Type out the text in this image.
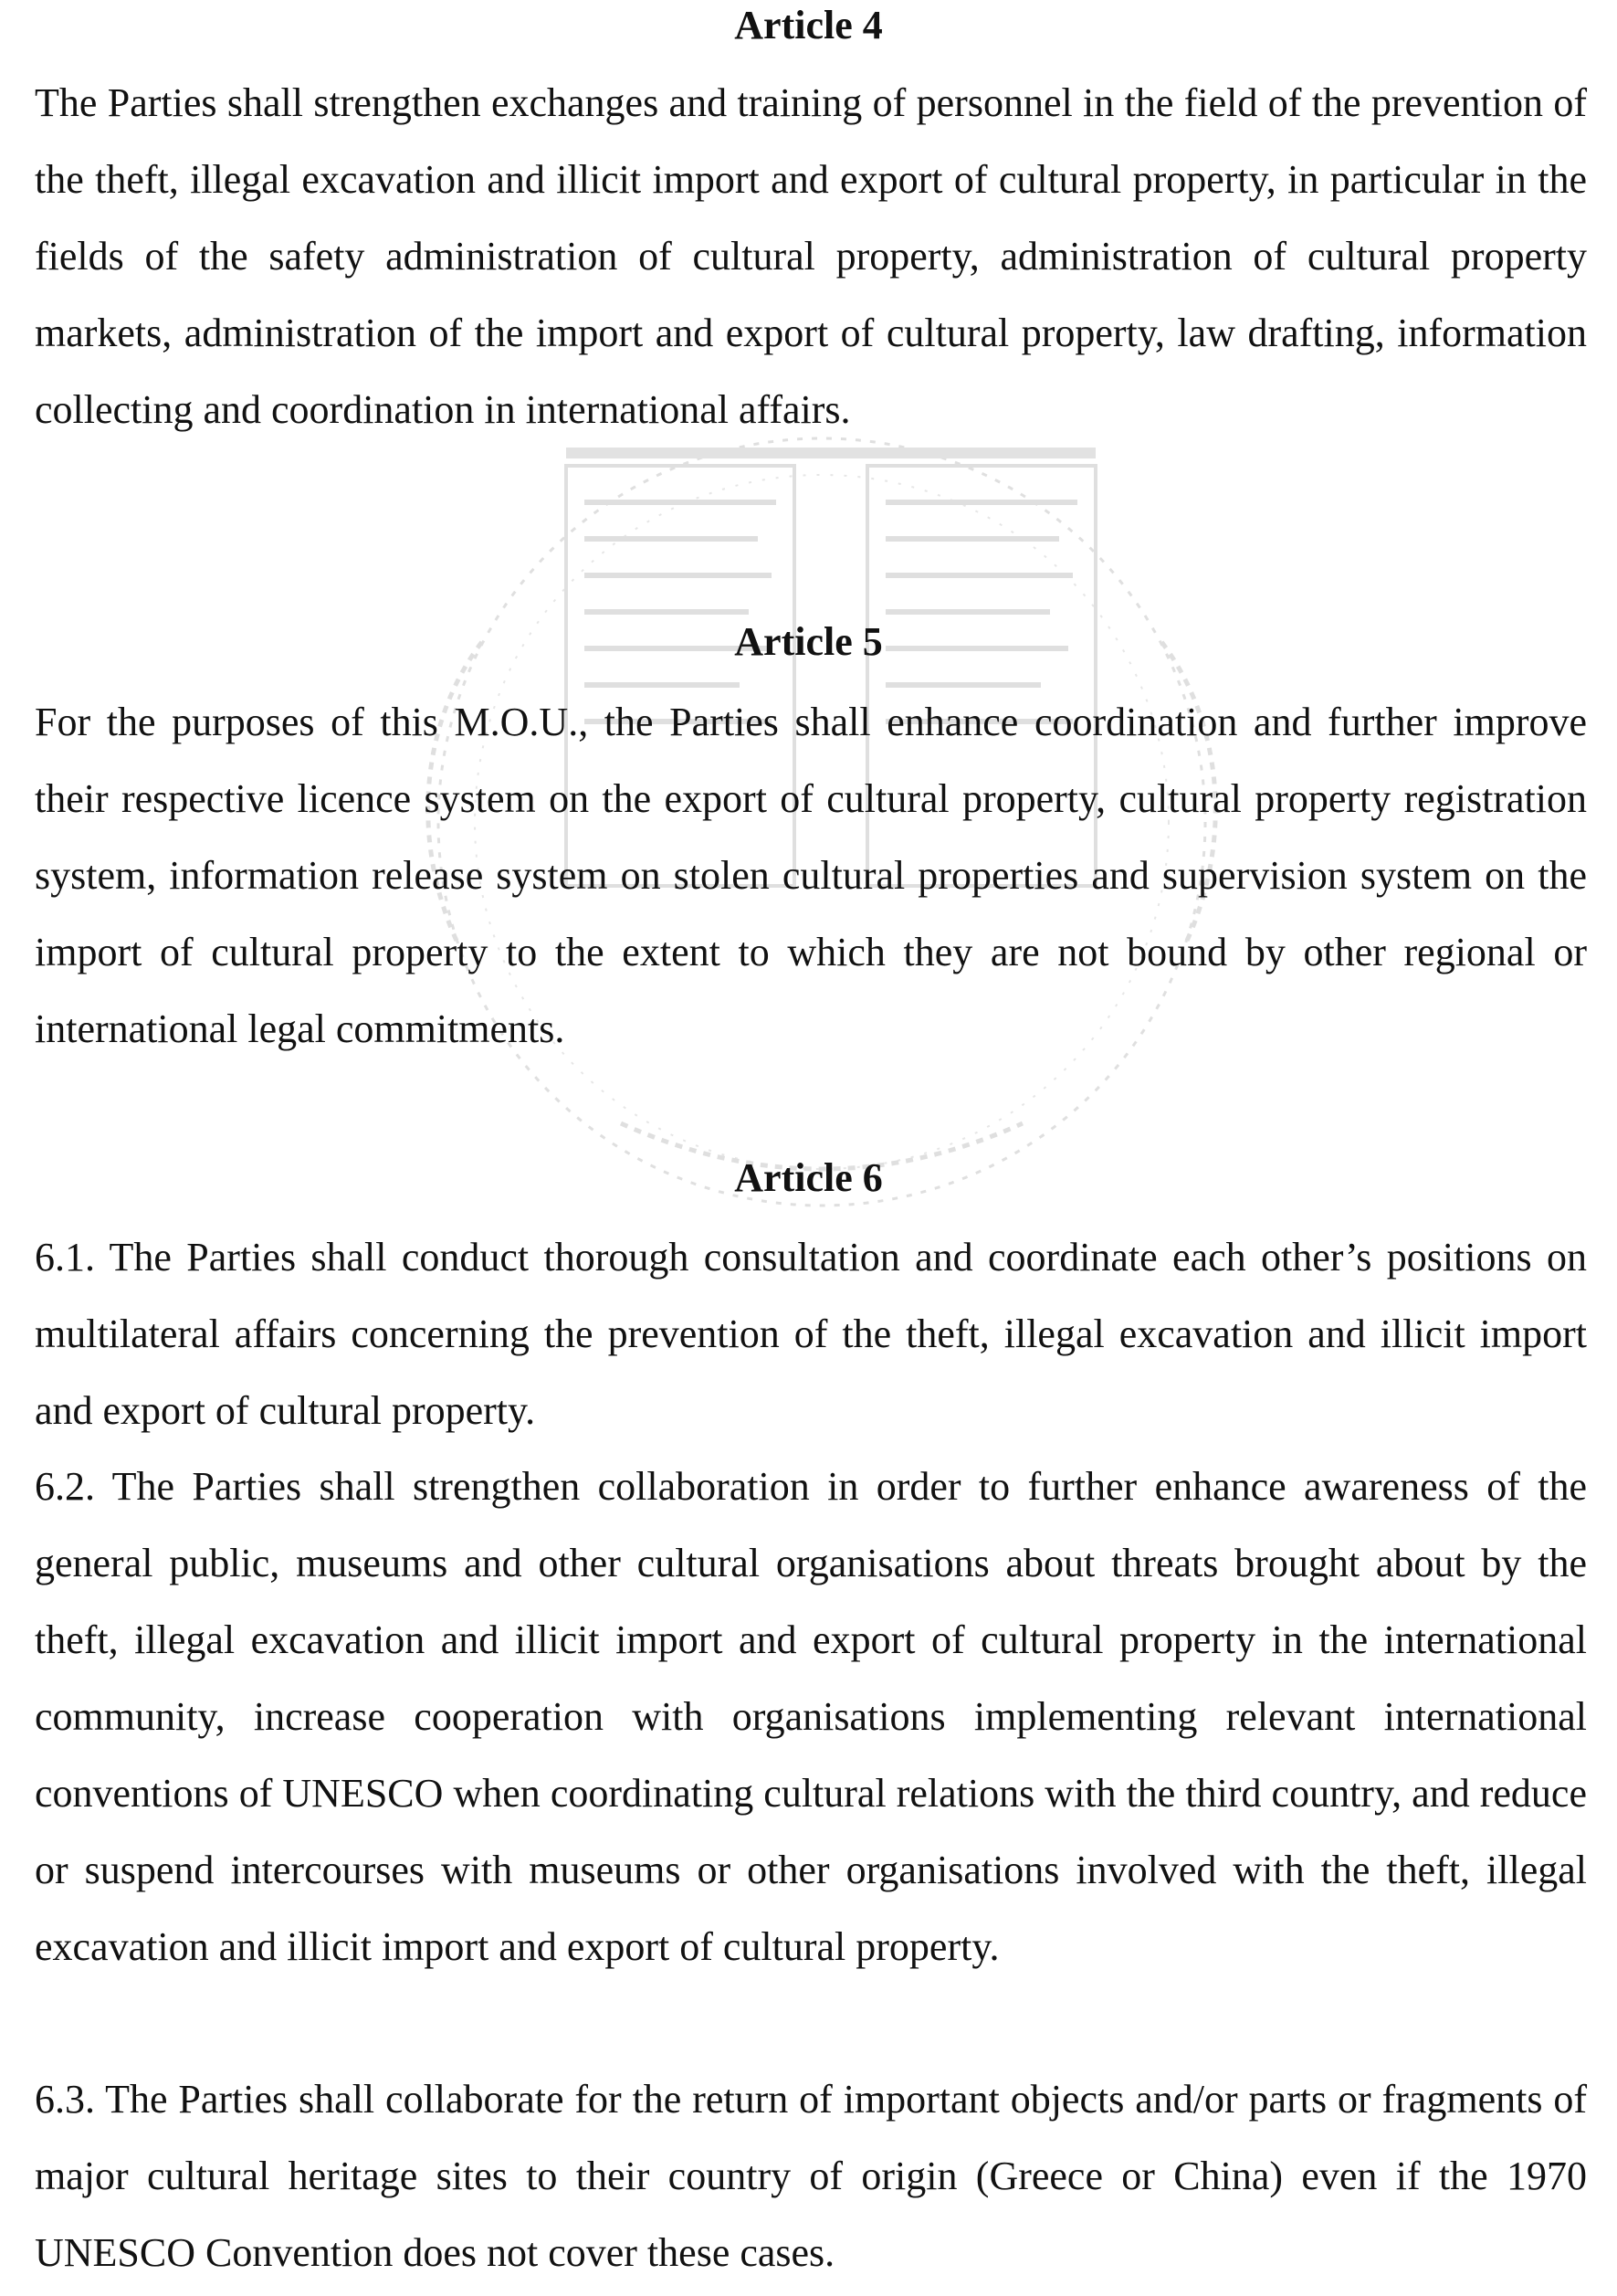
Article 4

The Parties shall strengthen exchanges and training of personnel in the field of the prevention of the theft, illegal excavation and illicit import and export of cultural property, in particular in the fields of the safety administration of cultural property, administration of cultural property markets, administration of the import and export of cultural property, law drafting, information collecting and coordination in international affairs.

Article 5

For the purposes of this M.O.U., the Parties shall enhance coordination and further improve their respective licence system on the export of cultural property, cultural property registration system, information release system on stolen cultural properties and supervision system on the import of cultural property to the extent to which they are not bound by other regional or international legal commitments.

Article 6

6.1. The Parties shall conduct thorough consultation and coordinate each other’s positions on multilateral affairs concerning the prevention of the theft, illegal excavation and illicit import and export of cultural property.

6.2. The Parties shall strengthen collaboration in order to further enhance awareness of the general public, museums and other cultural organisations about threats brought about by the theft, illegal excavation and illicit import and export of cultural property in the international community, increase cooperation with organisations implementing relevant international conventions of UNESCO when coordinating cultural relations with the third country, and reduce or suspend intercourses with museums or other organisations involved with the theft, illegal excavation and illicit import and export of cultural property.

6.3. The Parties shall collaborate for the return of important objects and/or parts or fragments of major cultural heritage sites to their country of origin (Greece or China) even if the 1970 UNESCO Convention does not cover these cases.
